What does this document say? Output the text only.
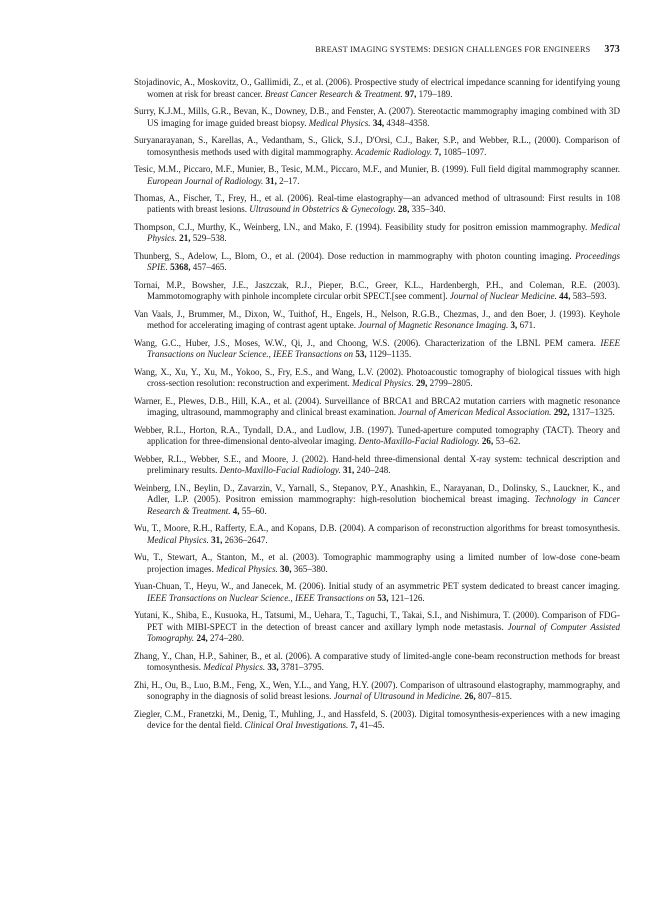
BREAST IMAGING SYSTEMS: DESIGN CHALLENGES FOR ENGINEERS 373
Stojadinovic, A., Moskovitz, O., Gallimidi, Z., et al. (2006). Prospective study of electrical impedance scanning for identifying young women at risk for breast cancer. Breast Cancer Research & Treatment. 97, 179–189.
Surry, K.J.M., Mills, G.R., Bevan, K., Downey, D.B., and Fenster, A. (2007). Stereotactic mammography imaging combined with 3D US imaging for image guided breast biopsy. Medical Physics. 34, 4348–4358.
Suryanarayanan, S., Karellas, A., Vedantham, S., Glick, S.J., D'Orsi, C.J., Baker, S.P., and Webber, R.L., (2000). Comparison of tomosynthesis methods used with digital mammography. Academic Radiology. 7, 1085–1097.
Tesic, M.M., Piccaro, M.F., Munier, B., Tesic, M.M., Piccaro, M.F., and Munier, B. (1999). Full field digital mammography scanner. European Journal of Radiology. 31, 2–17.
Thomas, A., Fischer, T., Frey, H., et al. (2006). Real-time elastography—an advanced method of ultrasound: First results in 108 patients with breast lesions. Ultrasound in Obstetrics & Gynecology. 28, 335–340.
Thompson, C.J., Murthy, K., Weinberg, I.N., and Mako, F. (1994). Feasibility study for positron emission mammography. Medical Physics. 21, 529–538.
Thunberg, S., Adelow, L., Blom, O., et al. (2004). Dose reduction in mammography with photon counting imaging. Proceedings SPIE. 5368, 457–465.
Tornai, M.P., Bowsher, J.E., Jaszczak, R.J., Pieper, B.C., Greer, K.L., Hardenbergh, P.H., and Coleman, R.E. (2003). Mammotomography with pinhole incomplete circular orbit SPECT.[see comment]. Journal of Nuclear Medicine. 44, 583–593.
Van Vaals, J., Brummer, M., Dixon, W., Tuithof, H., Engels, H., Nelson, R.G.B., Chezmas, J., and den Boer, J. (1993). Keyhole method for accelerating imaging of contrast agent uptake. Journal of Magnetic Resonance Imaging. 3, 671.
Wang, G.C., Huber, J.S., Moses, W.W., Qi, J., and Choong, W.S. (2006). Characterization of the LBNL PEM camera. IEEE Transactions on Nuclear Science., IEEE Transactions on 53, 1129–1135.
Wang, X., Xu, Y., Xu, M., Yokoo, S., Fry, E.S., and Wang, L.V. (2002). Photoacoustic tomography of biological tissues with high cross-section resolution: reconstruction and experiment. Medical Physics. 29, 2799–2805.
Warner, E., Plewes, D.B., Hill, K.A., et al. (2004). Surveillance of BRCA1 and BRCA2 mutation carriers with magnetic resonance imaging, ultrasound, mammography and clinical breast examination. Journal of American Medical Association. 292, 1317–1325.
Webber, R.L., Horton, R.A., Tyndall, D.A., and Ludlow, J.B. (1997). Tuned-aperture computed tomography (TACT). Theory and application for three-dimensional dento-alveolar imaging. Dento-Maxillo-Facial Radiology. 26, 53–62.
Webber, R.L., Webber, S.E., and Moore, J. (2002). Hand-held three-dimensional dental X-ray system: technical description and preliminary results. Dento-Maxillo-Facial Radiology. 31, 240–248.
Weinberg, I.N., Beylin, D., Zavarzin, V., Yarnall, S., Stepanov, P.Y., Anashkin, E., Narayanan, D., Dolinsky, S., Lauckner, K., and Adler, L.P. (2005). Positron emission mammography: high-resolution biochemical breast imaging. Technology in Cancer Research & Treatment. 4, 55–60.
Wu, T., Moore, R.H., Rafferty, E.A., and Kopans, D.B. (2004). A comparison of reconstruction algorithms for breast tomosynthesis. Medical Physics. 31, 2636–2647.
Wu, T., Stewart, A., Stanton, M., et al. (2003). Tomographic mammography using a limited number of low-dose cone-beam projection images. Medical Physics. 30, 365–380.
Yuan-Chuan, T., Heyu, W., and Janecek, M. (2006). Initial study of an asymmetric PET system dedicated to breast cancer imaging. IEEE Transactions on Nuclear Science., IEEE Transactions on 53, 121–126.
Yutani, K., Shiba, E., Kusuoka, H., Tatsumi, M., Uehara, T., Taguchi, T., Takai, S.I., and Nishimura, T. (2000). Comparison of FDG-PET with MIBI-SPECT in the detection of breast cancer and axillary lymph node metastasis. Journal of Computer Assisted Tomography. 24, 274–280.
Zhang, Y., Chan, H.P., Sahiner, B., et al. (2006). A comparative study of limited-angle cone-beam reconstruction methods for breast tomosynthesis. Medical Physics. 33, 3781–3795.
Zhi, H., Ou, B., Luo, B.M., Feng, X., Wen, Y.L., and Yang, H.Y. (2007). Comparison of ultrasound elastography, mammography, and sonography in the diagnosis of solid breast lesions. Journal of Ultrasound in Medicine. 26, 807–815.
Ziegler, C.M., Franetzki, M., Denig, T., Muhling, J., and Hassfeld, S. (2003). Digital tomosynthesis-experiences with a new imaging device for the dental field. Clinical Oral Investigations. 7, 41–45.
